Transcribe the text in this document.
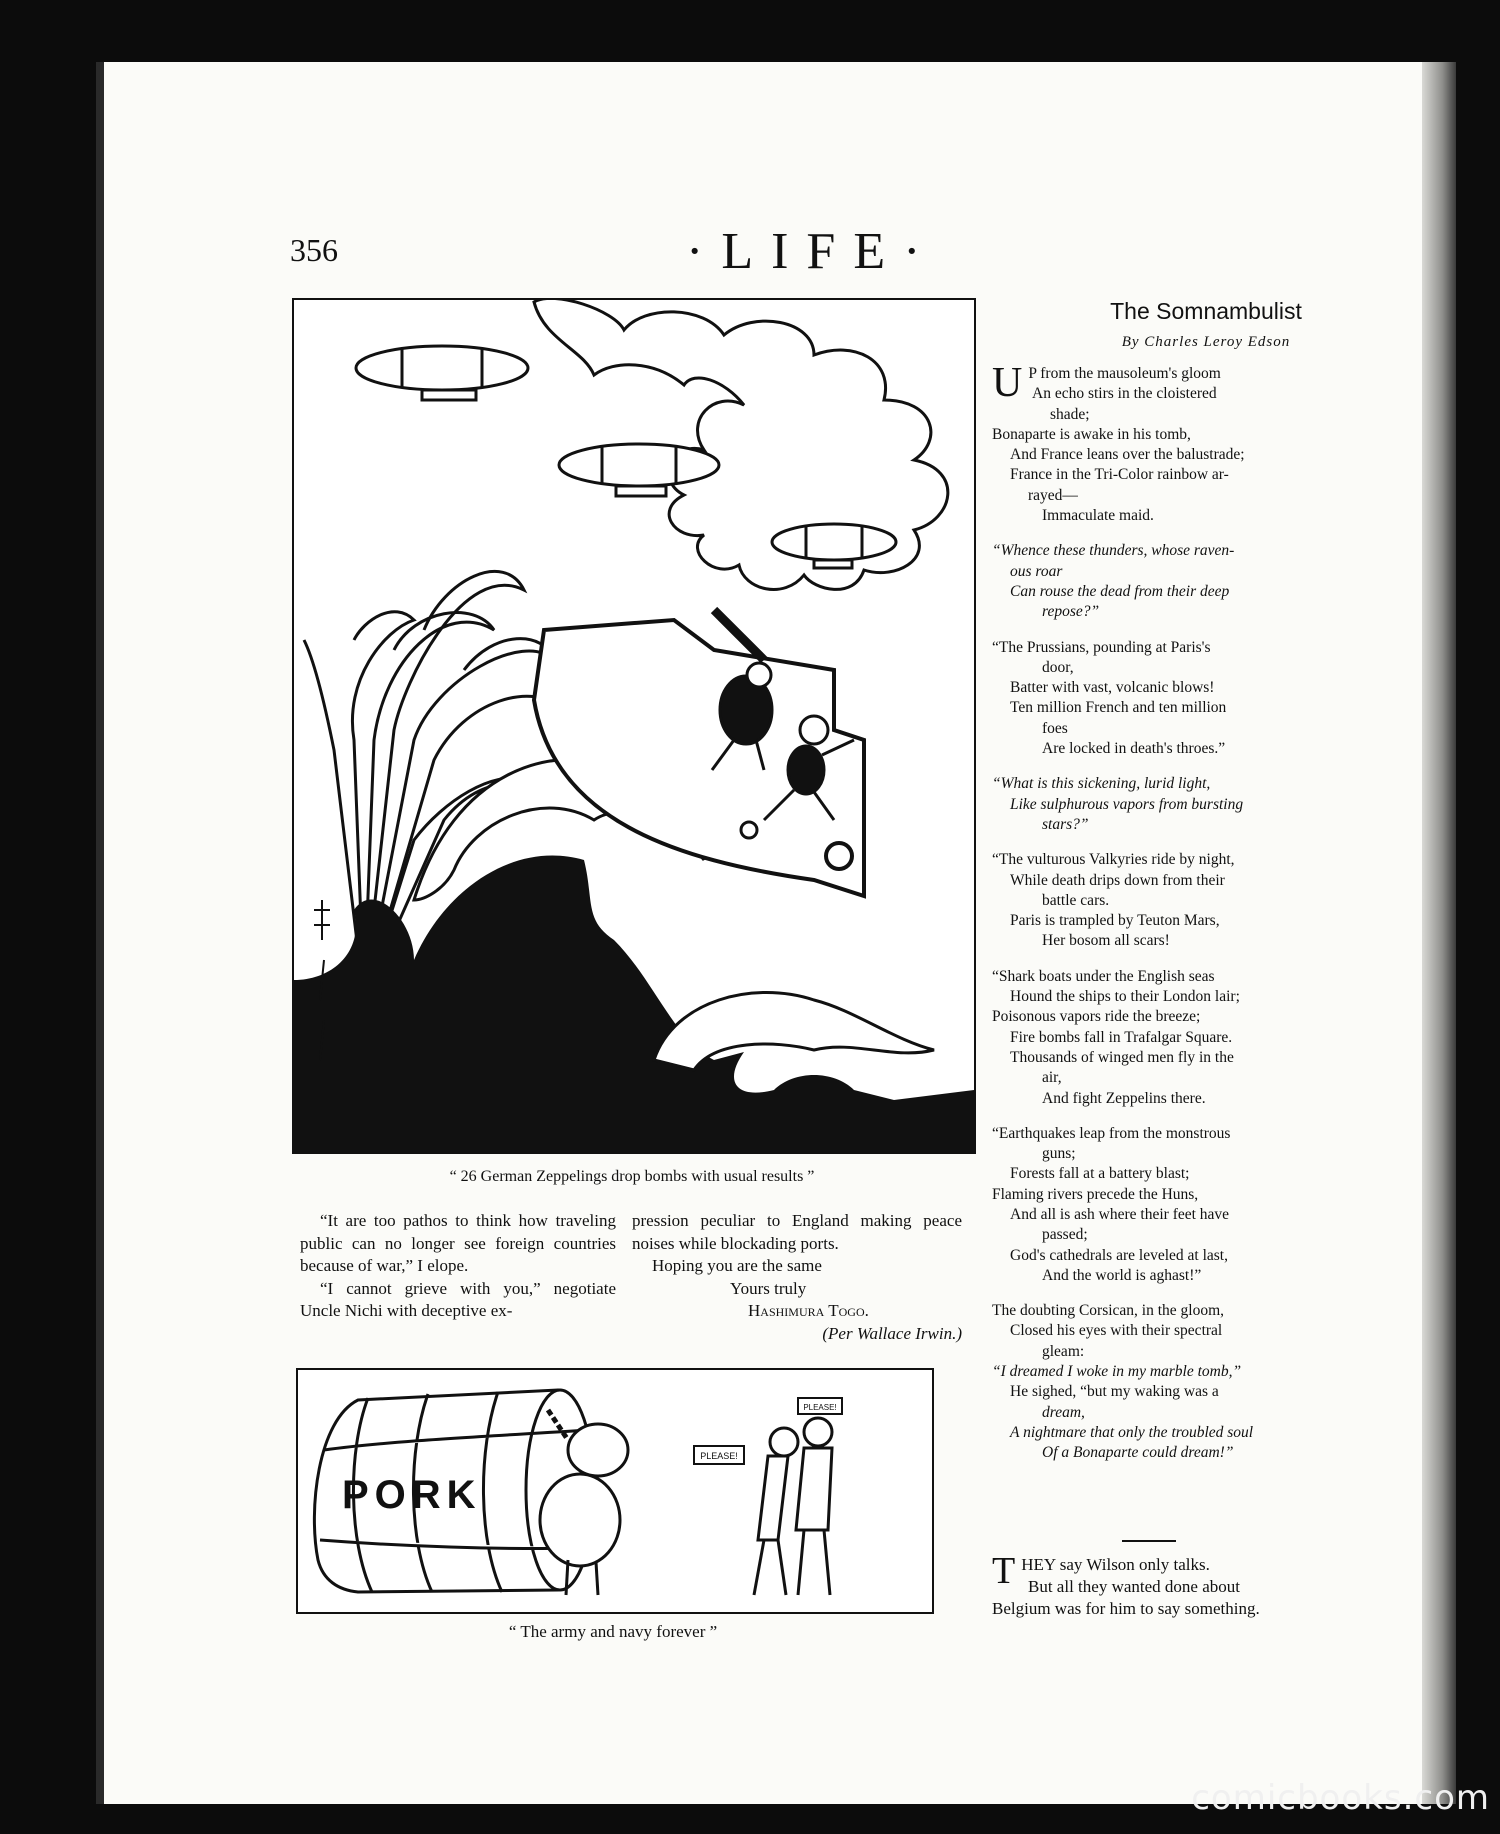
356	·LIFE·
“ 26 German Zeppelings drop bombs with usual results ”

“It are too pathos to think how traveling public can no longer see foreign countries because of war,” I elope.

“I cannot grieve with you,” negotiate Uncle Nichi with deceptive ex-

pression peculiar to England making peace noises while blockading ports.

Hoping you are the same

Yours truly
Hashimura Togo.
(Per Wallace Irwin.)
PORK
PLEASE!
PLEASE!
“ The army and navy forever ”
The Somnambulist
By Charles Leroy Edson
U P from the mausoleum's gloom
An echo stirs in the cloistered
shade;
Bonaparte is awake in his tomb,
And France leans over the balustrade;
France in the Tri-Color rainbow ar-
rayed—
Immaculate maid.
“Whence these thunders, whose raven-
ous roar
Can rouse the dead from their deep
repose?”
“The Prussians, pounding at Paris's
door,
Batter with vast, volcanic blows!
Ten million French and ten million
foes
Are locked in death's throes.”
“What is this sickening, lurid light,
Like sulphurous vapors from bursting
stars?”
“The vulturous Valkyries ride by night,
While death drips down from their
battle cars.
Paris is trampled by Teuton Mars,
Her bosom all scars!
“Shark boats under the English seas
Hound the ships to their London lair;
Poisonous vapors ride the breeze;
Fire bombs fall in Trafalgar Square.
Thousands of winged men fly in the
air,
And fight Zeppelins there.
“Earthquakes leap from the monstrous
guns;
Forests fall at a battery blast;
Flaming rivers precede the Huns,
And all is ash where their feet have
passed;
God's cathedrals are leveled at last,
And the world is aghast!”
The doubting Corsican, in the gloom,
Closed his eyes with their spectral
gleam:
“I dreamed I woke in my marble tomb,”
He sighed, “but my waking was a
dream,
A nightmare that only the troubled soul
Of a Bonaparte could dream!”
T HEY say Wilson only talks.
But all they wanted done about
Belgium was for him to say something.
comicbooks.com
